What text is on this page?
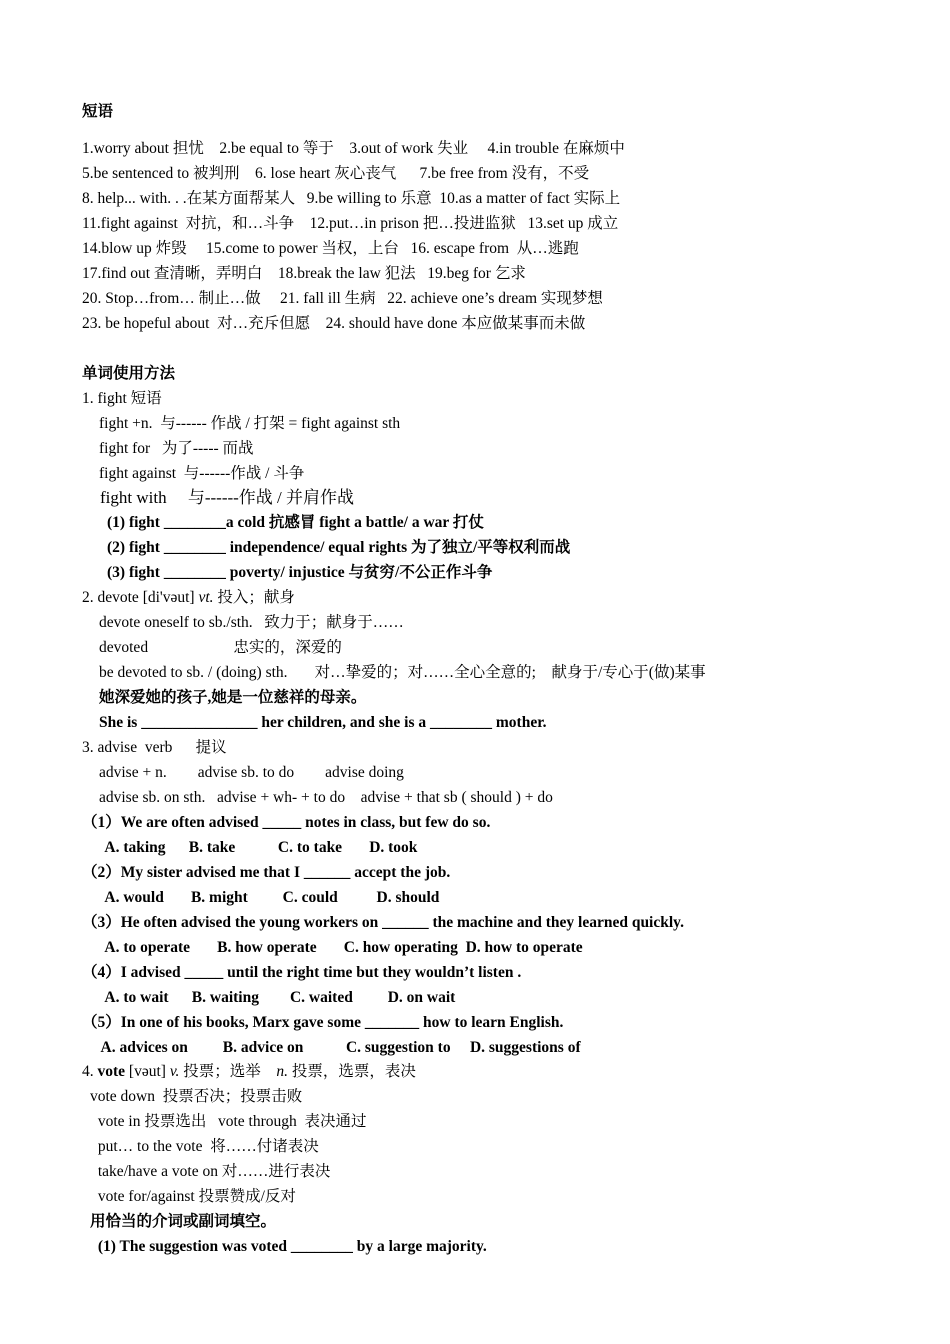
短语
1.worry about 担忧    2.be equal to 等于    3.out of work 失业     4.in trouble 在麻烦中
5.be sentenced to 被判刑    6. lose heart 灰心丧气      7.be free from 没有，不受
8. help... with. . .在某方面帮某人   9.be willing to 乐意  10.as a matter of fact 实际上
11.fight against  对抗，和…斗争    12.put…in prison 把…投进监狱   13.set up 成立
14.blow up 炸毁     15.come to power 当权，上台   16. escape from  从…逃跑
17.find out 查清晰，弄明白    18.break the law 犯法   19.beg for 乞求
20. Stop…from… 制止…做     21. fall ill 生病   22. achieve one’s dream 实现梦想
23. be hopeful about  对…充斥但愿    24. should have done 本应做某事而未做
单词使用方法
1. fight 短语
fight +n.  与------ 作战 / 打架 = fight against sth
fight for   为了----- 而战
fight against  与------作战 / 斗争
fight with     与------作战 / 并肩作战
(1) fight ________a cold 抗感冒 fight a battle/ a war 打仗
(2) fight ________ independence/ equal rights 为了独立/平等权利而战
(3) fight ________ poverty/ injustice 与贫穷/不公正作斗争
2. devote [di'vəut] vt. 投入；献身
devote oneself to sb./sth.   致力于；献身于……
devoted                      忠实的，深爱的
be devoted to sb. / (doing) sth.       对…挚爱的；对……全心全意的;    献身于/专心于(做)某事
她深爱她的孩子,她是一位慈祥的母亲。
She is _______________ her children, and she is a ________ mother.
3. advise  verb      提议
advise + n.        advise sb. to do        advise doing
advise sb. on sth.   advise + wh- + to do    advise + that sb ( should ) + do
（1）We are often advised _____ notes in class, but few do so.
A. taking      B. take           C. to take       D. took
（2）My sister advised me that I ______ accept the job.
A. would       B. might         C. could          D. should
（3）He often advised the young workers on ______ the machine and they learned quickly.
A. to operate       B. how operate       C. how operating  D. how to operate
（4）I advised _____ until the right time but they wouldn’t listen .
A. to wait      B. waiting        C. waited         D. on wait
（5）In one of his books, Marx gave some _______ how to learn English.
A. advices on         B. advice on           C. suggestion to     D. suggestions of
4. vote [vəut] v. 投票；选举    n. 投票，选票，表决
vote down  投票否决；投票击败
vote in 投票选出   vote through  表决通过
put… to the vote  将……付诸表决
take/have a vote on 对……进行表决
vote for/against 投票赞成/反对
用恰当的介词或副词填空。
(1) The suggestion was voted ________ by a large majority.
